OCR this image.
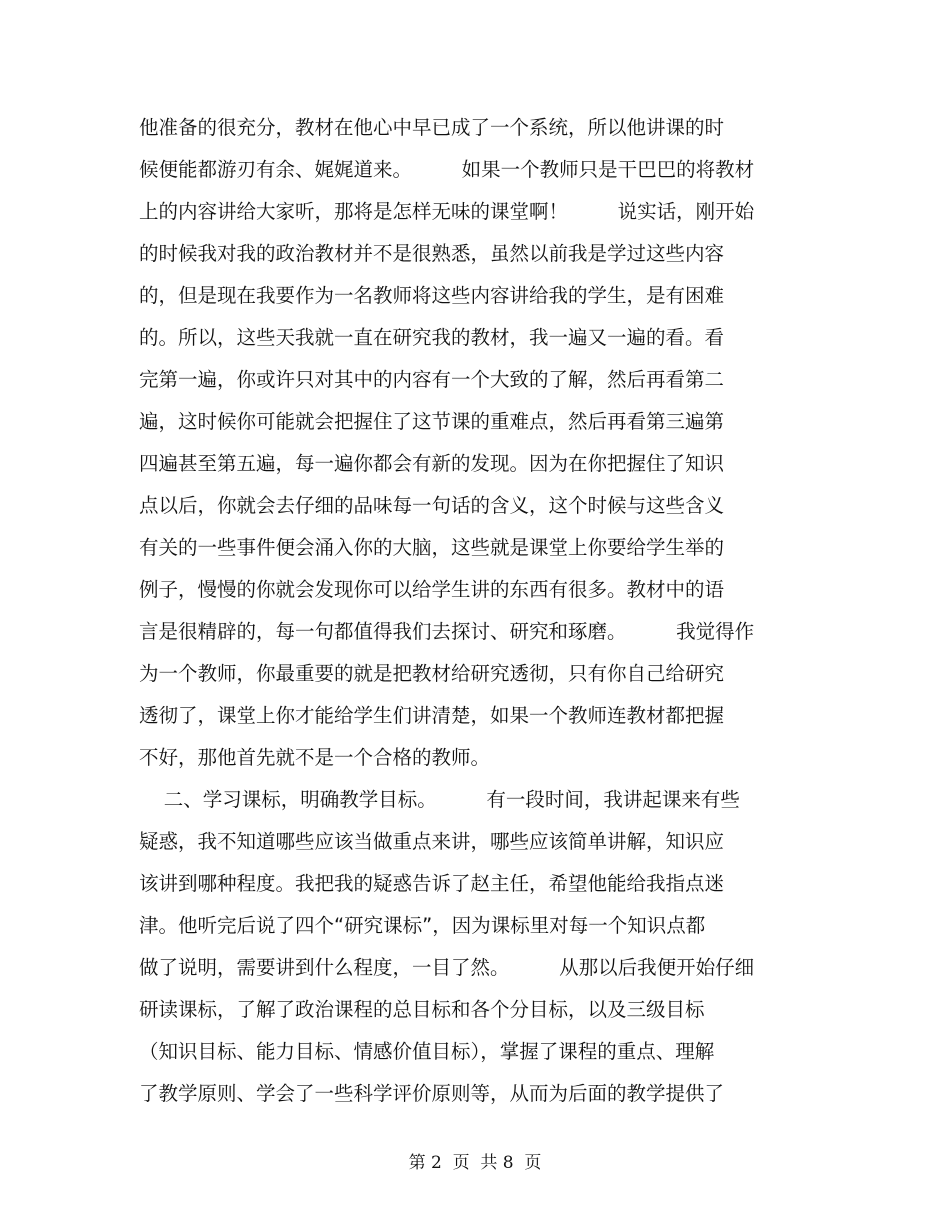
他准备的很充分，教材在他心中早已成了一个系统，所以他讲课的时
候便能都游刃有余、娓娓道来。        如果一个教师只是干巴巴的将教材
上的内容讲给大家听，那将是怎样无味的课堂啊！        说实话，刚开始
的时候我对我的政治教材并不是很熟悉，虽然以前我是学过这些内容
的，但是现在我要作为一名教师将这些内容讲给我的学生，是有困难
的。所以，这些天我就一直在研究我的教材，我一遍又一遍的看。看
完第一遍，你或许只对其中的内容有一个大致的了解，然后再看第二
遍，这时候你可能就会把握住了这节课的重难点，然后再看第三遍第
四遍甚至第五遍，每一遍你都会有新的发现。因为在你把握住了知识
点以后，你就会去仔细的品味每一句话的含义，这个时候与这些含义
有关的一些事件便会涌入你的大脑，这些就是课堂上你要给学生举的
例子，慢慢的你就会发现你可以给学生讲的东西有很多。教材中的语
言是很精辟的，每一句都值得我们去探讨、研究和琢磨。        我觉得作
为一个教师，你最重要的就是把教材给研究透彻，只有你自己给研究
透彻了，课堂上你才能给学生们讲清楚，如果一个教师连教材都把握
不好，那他首先就不是一个合格的教师。
二、学习课标，明确教学目标。        有一段时间，我讲起课来有些
疑惑，我不知道哪些应该当做重点来讲，哪些应该简单讲解，知识应
该讲到哪种程度。我把我的疑惑告诉了赵主任，希望他能给我指点迷
津。他听完后说了四个“研究课标”，因为课标里对每一个知识点都
做了说明，需要讲到什么程度，一目了然。        从那以后我便开始仔细
研读课标，了解了政治课程的总目标和各个分目标，以及三级目标
（知识目标、能力目标、情感价值目标），掌握了课程的重点、理解
了教学原则、学会了一些科学评价原则等，从而为后面的教学提供了
第 2  页  共 8  页
